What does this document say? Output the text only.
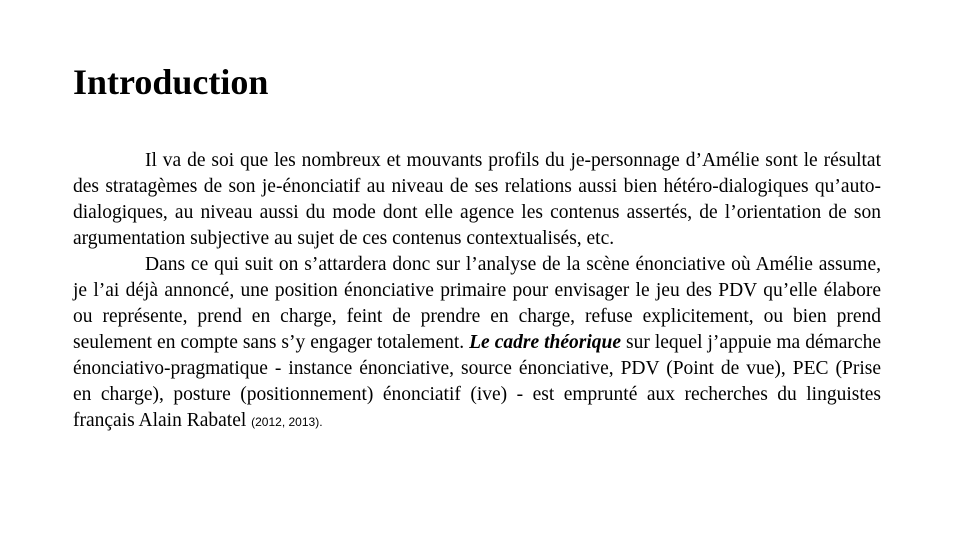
Introduction

Il va de soi que les nombreux et mouvants profils du je-personnage d’Amélie sont le résultat des stratagèmes de son je-énonciatif au niveau de ses relations aussi bien hétéro-dialogiques qu’auto-dialogiques, au niveau aussi du mode dont elle agence les contenus assertés, de l’orientation de son argumentation subjective au sujet de ces contenus contextualisés, etc.

Dans ce qui suit on s’attardera donc sur l’analyse de la scène énonciative où Amélie assume, je l’ai déjà annoncé, une position énonciative primaire pour envisager le jeu des PDV qu’elle élabore ou représente, prend en charge, feint de prendre en charge, refuse explicitement, ou bien prend seulement en compte sans s’y engager totalement. Le cadre théorique sur lequel j’appuie ma démarche énonciativo-pragmatique - instance énonciative, source énonciative, PDV (Point de vue), PEC (Prise en charge), posture (positionnement) énonciatif (ive) - est emprunté aux recherches du linguistes français Alain Rabatel (2012, 2013).
